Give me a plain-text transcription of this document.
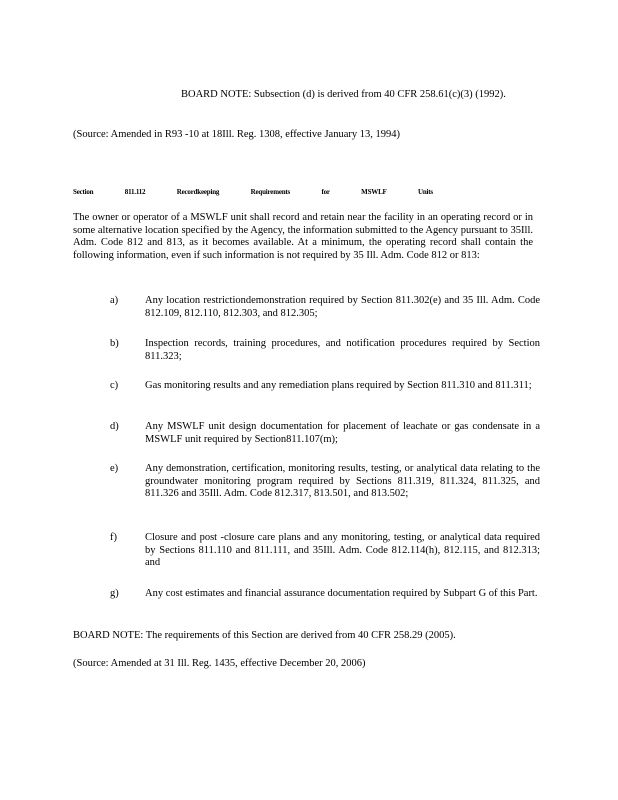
BOARD NOTE: Subsection (d) is derived from 40 CFR 258.61(c)(3) (1992).

(Source: Amended in R93 -10 at 18Ill. Reg. 1308, effective January 13, 1994)

Section	811.112	Recordkeeping	Requirements	for	MSWLF	Units

The owner or operator of a MSWLF unit shall record and retain near the facility in an operating record or in some alternative location specified by the Agency, the information submitted to the Agency pursuant to 35Ill. Adm. Code 812 and 813, as it becomes available. At a minimum, the operating record shall contain the following information, even if such information is not required by 35 Ill. Adm. Code 812 or 813:

a)	Any location restrictiondemonstration required by Section 811.302(e) and 35 Ill. Adm. Code 812.109, 812.110, 812.303, and 812.305;
b)	Inspection records, training procedures, and notification procedures required by Section 811.323;
c)	Gas monitoring results and any remediation plans required by Section 811.310 and 811.311;
d)	Any MSWLF unit design documentation for placement of leachate or gas condensate in a MSWLF unit required by Section811.107(m);
e)	Any demonstration, certification, monitoring results, testing, or analytical data relating to the groundwater monitoring program required by Sections 811.319, 811.324, 811.325, and 811.326 and 35Ill. Adm. Code 812.317, 813.501, and 813.502;
f)	Closure and post -closure care plans and any monitoring, testing, or analytical data required by Sections 811.110 and 811.111, and 35Ill. Adm. Code 812.114(h), 812.115, and 812.313; and
g)	Any cost estimates and financial assurance documentation required by Subpart G of this Part.

BOARD NOTE: The requirements of this Section are derived from 40 CFR 258.29 (2005).

(Source: Amended at 31 Ill. Reg. 1435, effective December 20, 2006)
